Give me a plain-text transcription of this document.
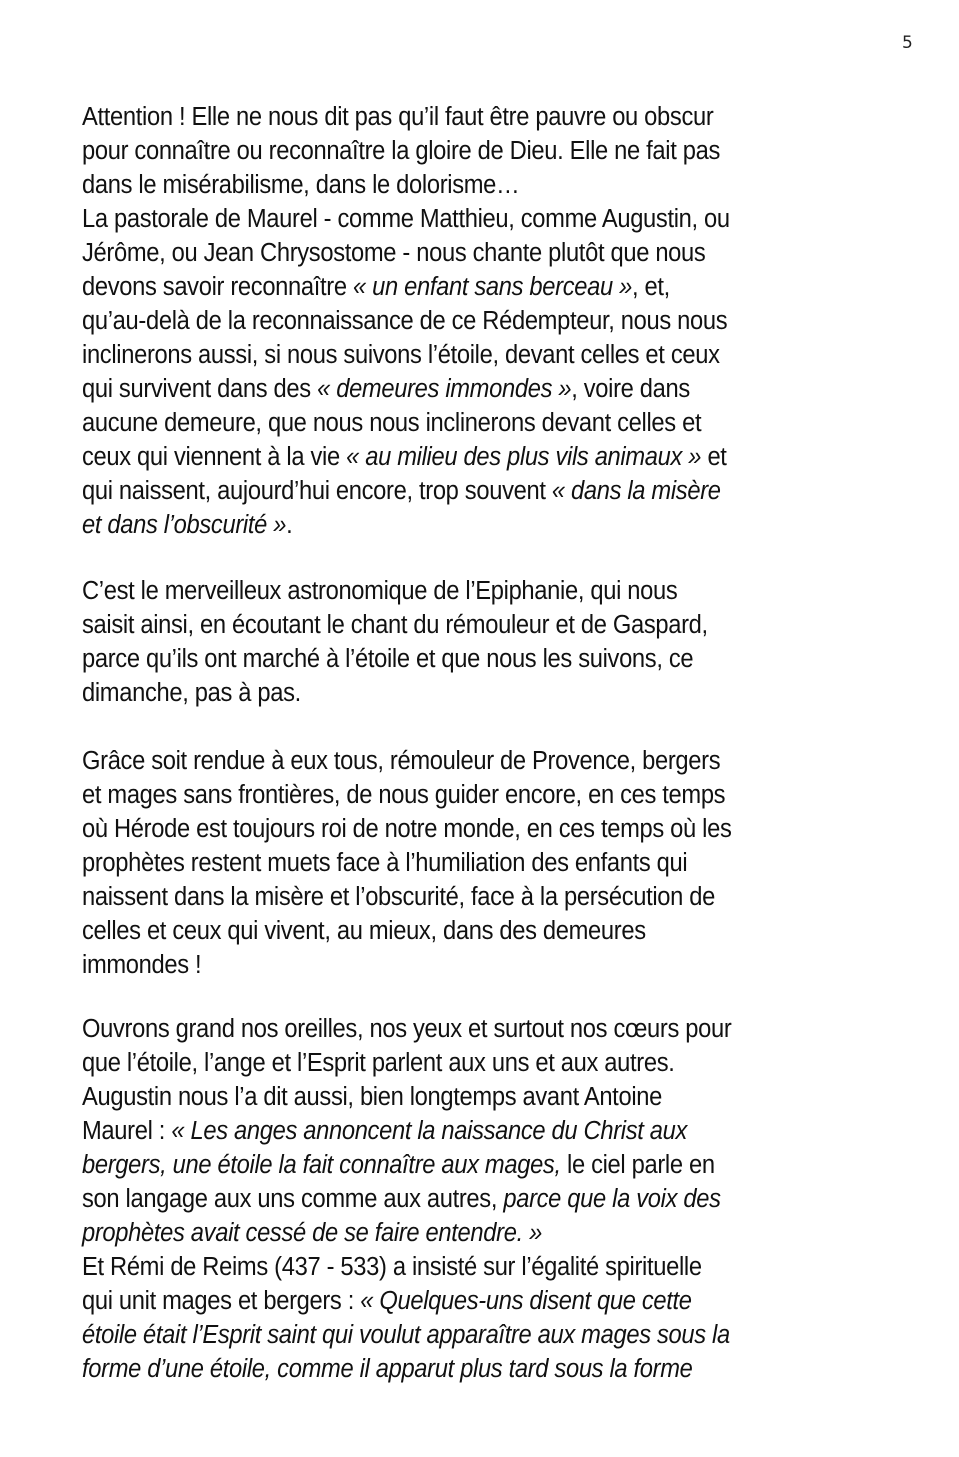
5
Attention ! Elle ne nous dit pas qu’il faut être pauvre ou obscur
pour connaître ou reconnaître la gloire de Dieu. Elle ne fait pas
dans le misérabilisme, dans le dolorisme…
La pastorale de Maurel - comme Matthieu, comme Augustin, ou
Jérôme, ou Jean Chrysostome - nous chante plutôt que nous
devons savoir reconnaître « un enfant sans berceau », et,
qu’au-delà de la reconnaissance de ce Rédempteur, nous nous
inclinerons aussi, si nous suivons l’étoile, devant celles et ceux
qui survivent dans des « demeures immondes », voire dans
aucune demeure, que nous nous inclinerons devant celles et
ceux qui viennent à la vie « au milieu des plus vils animaux » et
qui naissent, aujourd’hui encore, trop souvent « dans la misère
et dans l’obscurité ».
C’est le merveilleux astronomique de l’Epiphanie, qui nous
saisit ainsi, en écoutant le chant du rémouleur et de Gaspard,
parce qu’ils ont marché à l’étoile et que nous les suivons, ce
dimanche, pas à pas.
Grâce soit rendue à eux tous, rémouleur de Provence, bergers
et mages sans frontières, de nous guider encore, en ces temps
où Hérode est toujours roi de notre monde, en ces temps où les
prophètes restent muets face à l’humiliation des enfants qui
naissent dans la misère et l’obscurité, face à la persécution de
celles et ceux qui vivent, au mieux, dans des demeures
immondes !
Ouvrons grand nos oreilles, nos yeux et surtout nos cœurs pour
que l’étoile, l’ange et l’Esprit parlent aux uns et aux autres.
Augustin nous l’a dit aussi, bien longtemps avant Antoine
Maurel : « Les anges annoncent la naissance du Christ aux
bergers, une étoile la fait connaître aux mages, le ciel parle en
son langage aux uns comme aux autres, parce que la voix des
prophètes avait cessé de se faire entendre. »
Et Rémi de Reims (437 - 533) a insisté sur l’égalité spirituelle
qui unit mages et bergers : « Quelques-uns disent que cette
étoile était l’Esprit saint qui voulut apparaître aux mages sous la
forme d’une étoile, comme il apparut plus tard sous la forme
